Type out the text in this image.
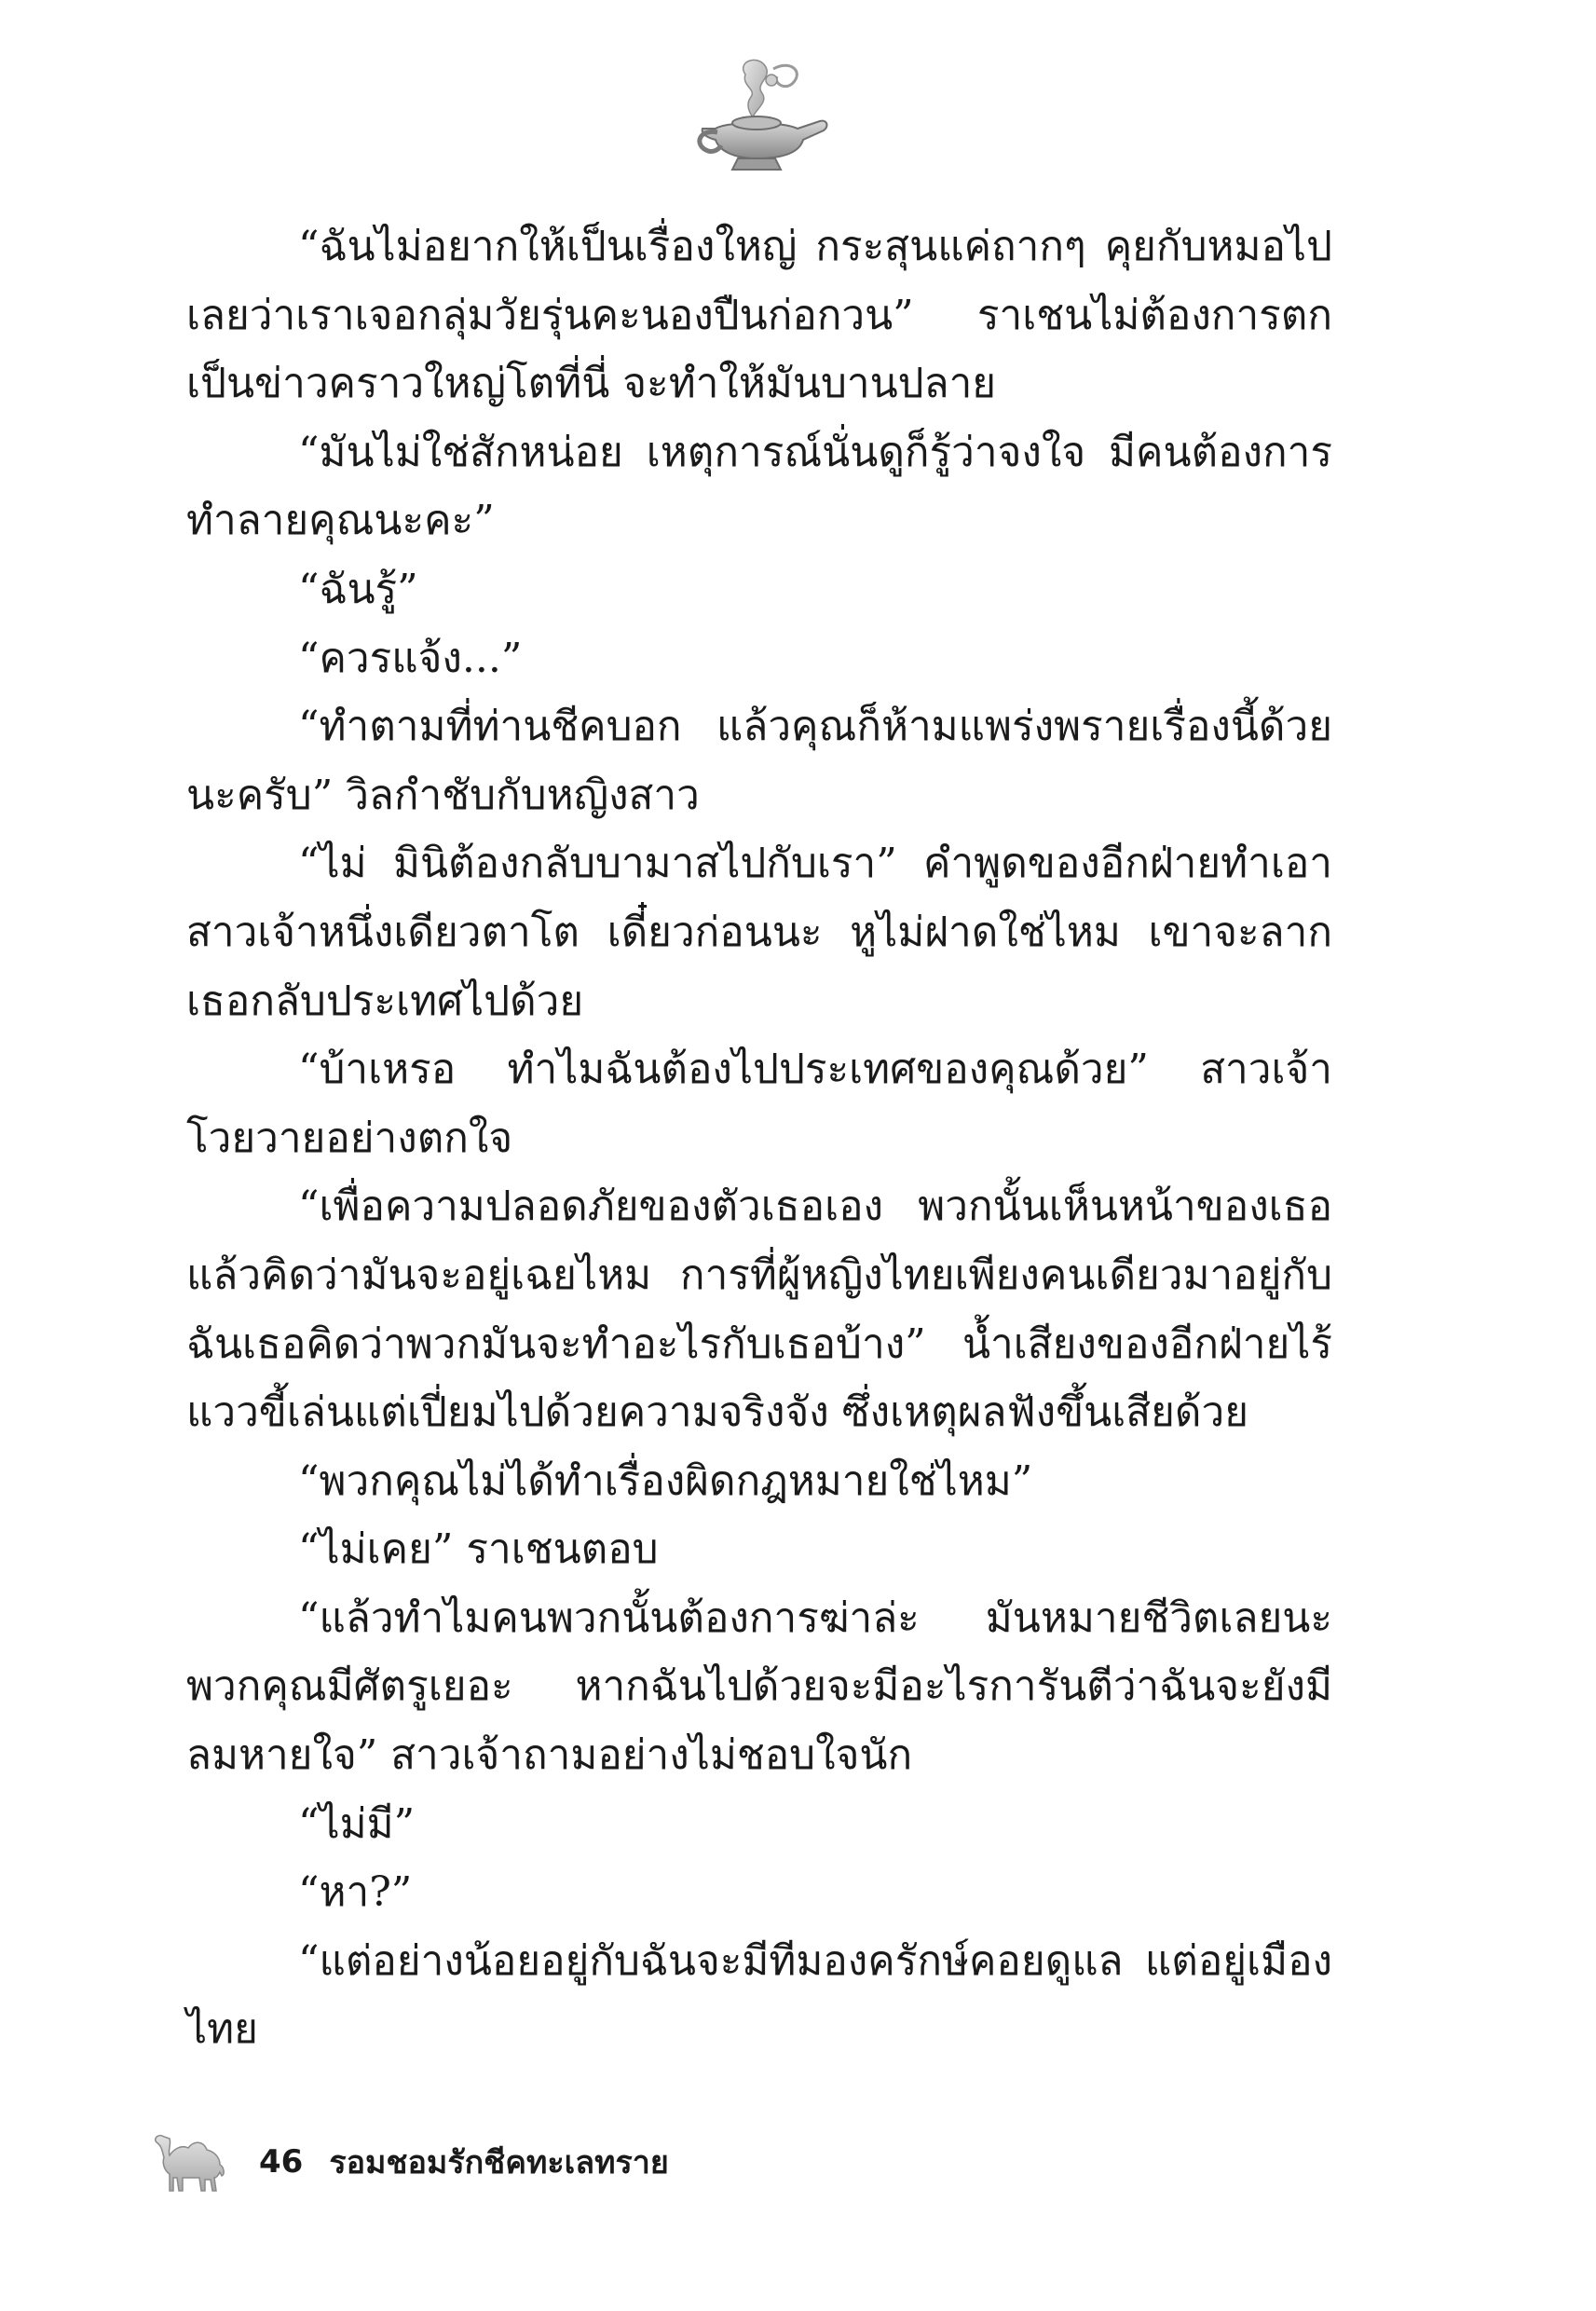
“ฉันไม่อยากให้เป็นเรื่องใหญ่ กระสุนแค่ถากๆ คุยกับหมอไปเลยว่าเราเจอกลุ่มวัยรุ่นคะนองปืนก่อกวน” ราเชนไม่ต้องการตกเป็นข่าวคราวใหญ่โตที่นี่ จะทำให้มันบานปลาย

“มันไม่ใช่สักหน่อย เหตุการณ์นั่นดูก็รู้ว่าจงใจ มีคนต้องการทำลายคุณนะคะ”

“ฉันรู้”

“ควรแจ้ง...”

“ทำตามที่ท่านชีคบอก แล้วคุณก็ห้ามแพร่งพรายเรื่องนี้ด้วยนะครับ” วิลกำชับกับหญิงสาว

“ไม่ มินิต้องกลับบามาสไปกับเรา” คำพูดของอีกฝ่ายทำเอาสาวเจ้าหนึ่งเดียวตาโต เดี๋ยวก่อนนะ หูไม่ฝาดใช่ไหม เขาจะลากเธอกลับประเทศไปด้วย

“บ้าเหรอ ทำไมฉันต้องไปประเทศของคุณด้วย” สาวเจ้าโวยวายอย่างตกใจ

“เพื่อความปลอดภัยของตัวเธอเอง พวกนั้นเห็นหน้าของเธอแล้วคิดว่ามันจะอยู่เฉยไหม การที่ผู้หญิงไทยเพียงคนเดียวมาอยู่กับฉันเธอคิดว่าพวกมันจะทำอะไรกับเธอบ้าง” น้ำเสียงของอีกฝ่ายไร้แววขี้เล่นแต่เปี่ยมไปด้วยความจริงจัง ซึ่งเหตุผลฟังขึ้นเสียด้วย

“พวกคุณไม่ได้ทำเรื่องผิดกฎหมายใช่ไหม”

“ไม่เคย” ราเชนตอบ

“แล้วทำไมคนพวกนั้นต้องการฆ่าล่ะ มันหมายชีวิตเลยนะพวกคุณมีศัตรูเยอะ หากฉันไปด้วยจะมีอะไรการันตีว่าฉันจะยังมีลมหายใจ” สาวเจ้าถามอย่างไม่ชอบใจนัก

“ไม่มี”

“หา?”

“แต่อย่างน้อยอยู่กับฉันจะมีทีมองครักษ์คอยดูแล แต่อยู่เมืองไทย

46 รอมชอมรักชีคทะเลทราย
